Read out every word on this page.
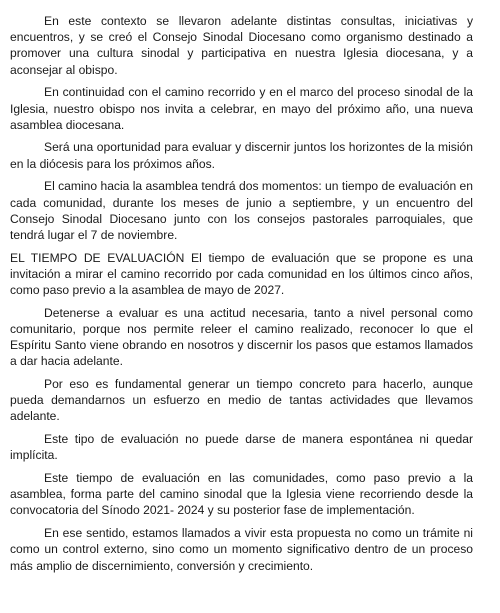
En este contexto se llevaron adelante distintas consultas, iniciativas y encuentros, y se creó el Consejo Sinodal Diocesano como organismo destinado a promover una cultura sinodal y participativa en nuestra Iglesia diocesana, y a aconsejar al obispo.

En continuidad con el camino recorrido y en el marco del proceso sinodal de la Iglesia, nuestro obispo nos invita a celebrar, en mayo del próximo año, una nueva asamblea diocesana.

Será una oportunidad para evaluar y discernir juntos los horizontes de la misión en la diócesis para los próximos años.

El camino hacia la asamblea tendrá dos momentos: un tiempo de evaluación en cada comunidad, durante los meses de junio a septiembre, y un encuentro del Consejo Sinodal Diocesano junto con los consejos pastorales parroquiales, que tendrá lugar el 7 de noviembre.

EL TIEMPO DE EVALUACIÓN El tiempo de evaluación que se propone es una invitación a mirar el camino recorrido por cada comunidad en los últimos cinco años, como paso previo a la asamblea de mayo de 2027.

Detenerse a evaluar es una actitud necesaria, tanto a nivel personal como comunitario, porque nos permite releer el camino realizado, reconocer lo que el Espíritu Santo viene obrando en nosotros y discernir los pasos que estamos llamados a dar hacia adelante.

Por eso es fundamental generar un tiempo concreto para hacerlo, aunque pueda demandarnos un esfuerzo en medio de tantas actividades que llevamos adelante.

Este tipo de evaluación no puede darse de manera espontánea ni quedar implícita.

Este tiempo de evaluación en las comunidades, como paso previo a la asamblea, forma parte del camino sinodal que la Iglesia viene recorriendo desde la convocatoria del Sínodo 2021- 2024 y su posterior fase de implementación.

En ese sentido, estamos llamados a vivir esta propuesta no como un trámite ni como un control externo, sino como un momento significativo dentro de un proceso más amplio de discernimiento, conversión y crecimiento.
